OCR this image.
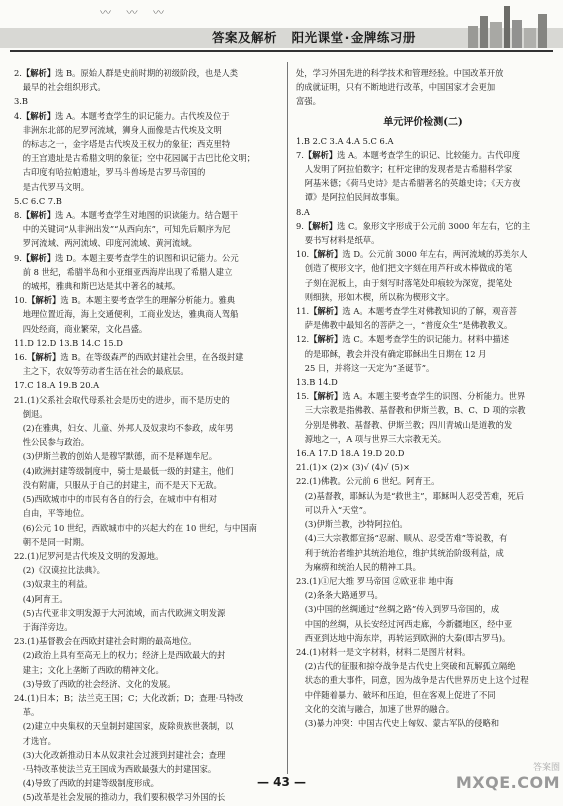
〰 〰 〰
答案及解析 阳光课堂·金牌练习册
2.【解析】选 B。原始人群是史前时期的初级阶段，也是人类
最早的社会组织形式。
3.B
4.【解析】选 A。本题考查学生的识记能力。古代埃及位于
非洲东北部的尼罗河流域，狮身人面像是古代埃及文明
的标志之一，金字塔是古代埃及王权力的象征；西克里特
的王宫遗址是古希腊文明的象征；空中花园属于古巴比伦文明；
古印度有哈拉帕遗址，罗马斗兽场是古罗马帝国的
是古代罗马文明。
5.C 6.C 7.B
8.【解析】选 A。本题考查学生对地图的识读能力。结合题干
中的关键词“从非洲出发”“从西向东”，可知先后顺序为尼
罗河流域、两河流域、印度河流域、黄河流域。
9.【解析】选 D。本题主要考查学生的识图和识记能力。公元
前 8 世纪，希腊半岛和小亚细亚西海岸出现了希腊人建立
的城邦，雅典和斯巴达是其中著名的城邦。
10.【解析】选 B。本题主要考查学生的理解分析能力。雅典
地理位置近海，海上交通便利，工商业发达，雅典商人驾船
四处经商，商业繁荣，文化昌盛。
11.D 12.D 13.B 14.C 15.D
16.【解析】选 B。在等级森严的西欧封建社会里，在各级封建
主之下，农奴等劳动者生活在社会的最底层。
17.C 18.A 19.B 20.A
21.(1)父系社会取代母系社会是历史的进步，而不是历史的
倒退。
(2)在雅典，妇女、儿童、外邦人及奴隶均不参政，成年男
性公民参与政治。
(3)伊斯兰教的创始人是穆罕默德，而不是释迦牟尼。
(4)欧洲封建等级制度中，骑士是最低一级的封建主，他们
没有附庸，只服从于自己的封建主，而不是天下无敌。
(5)西欧城市中的市民有各自的行会，在城市中有相对
自由，平等地位。
(6)公元 10 世纪，西欧城市中的兴起大约在 10 世纪，与中国南
朝不是同一时期。
22.(1)尼罗河是古代埃及文明的发源地。
(2)《汉谟拉比法典》。
(3)奴隶主的利益。
(4)阿育王。
(5)古代亚非文明发源于大河流域，而古代欧洲文明发源
于海洋旁边。
23.(1)基督教会在西欧封建社会时期的最高地位。
(2)政治上具有至高无上的权力；经济上是西欧最大的封
建主；文化上垄断了西欧的精神文化。
(3)导致了西欧的社会经济、文化的发展。
24.(1)日本；B；法兰克王国；C；大化改新；D；查理·马特改
革。
(2)建立中央集权的天皇制封建国家，废除贵族世袭制，以
才选官。
(3)大化改新推动日本从奴隶社会过渡到封建社会；查理
·马特改革使法兰克王国成为西欧最强大的封建国家。
(4)导致了西欧的封建等级制度形成。
(5)改革是社会发展的推动力，我们要积极学习外国的长
处，学习外国先进的科学技术和管理经验。中国改革开放
的成就证明，只有不断地进行改革，中国国家才会更加
富强。
单元评价检测(二)
1.B 2.C 3.A 4.A 5.C 6.A
7.【解析】选 A。本题考查学生的识记、比较能力。古代印度
人发明了阿拉伯数字；杠杆定律的发现者是古希腊科学家
阿基米德；《荷马史诗》是古希腊著名的英雄史诗；《天方夜
谭》是阿拉伯民间故事集。
8.A
9.【解析】选 C。象形文字形成于公元前 3000 年左右，它的主
要书写材料是纸草。
10.【解析】选 D。公元前 3000 年左右，两河流域的苏美尔人
创造了楔形文字，他们把文字刻在用芦秆或木棒做成的笔
子刻在泥板上，由于刻写时落笔处印痕较为深宽，提笔处
则细狭，形如木楔，所以称为楔形文字。
11.【解析】选 A。本题考查学生对佛教知识的了解，观音菩
萨是佛教中最知名的菩萨之一，“普度众生”是佛教教义。
12.【解析】选 C。本题考查学生的识记能力。材料中描述
的是耶稣，教会并没有确定耶稣出生日期在 12 月
25 日，并将这一天定为“圣诞节”。
13.B 14.D
15.【解析】选 A。本题主要考查学生的识图、分析能力。世界
三大宗教是指佛教、基督教和伊斯兰教，B、C、D 项的宗教
分别是佛教、基督教、伊斯兰教；四川青城山是道教的发
源地之一，A 项与世界三大宗教无关。
16.A 17.D 18.A 19.D 20.D
21.(1)× (2)× (3)√ (4)√ (5)×
22.(1)佛教。公元前 6 世纪。阿育王。
(2)基督教，耶稣认为是“救世主”，耶稣叫人忍受苦难，死后
可以升入“天堂”。
(3)伊斯兰教，沙特阿拉伯。
(4)三大宗教都宣扬“忍耐、顺从、忍受苦难”等说教，有
利于统治者维护其统治地位，维护其统治阶级利益，成
为麻痹和统治人民的精神工具。
23.(1)①尼大维 罗马帝国 ②欧亚非 地中海
(2)条条大路通罗马。
(3)中国的丝绸通过“丝绸之路”传入到罗马帝国的，成
中国的丝绸，从长安经过河西走廊，今新疆地区，经中亚
西亚到达地中海东岸，再转运到欧洲的大秦(即古罗马)。
24.(1)材料一是文字材料，材料二是图片材料。
(2)古代的征服和掠夺战争是古代史上突破和瓦解孤立隔绝
状态的重大事件，同意，因为战争是古代世界历史上这个过程
中伴随着暴力、破坏和压迫，但在客观上促进了不同
文化的交流与融合，加速了世界的融合。
(3)暴力冲突：中国古代史上匈奴、蒙古军队的侵略和
— 43 —
答案圈
MXQE.COM
